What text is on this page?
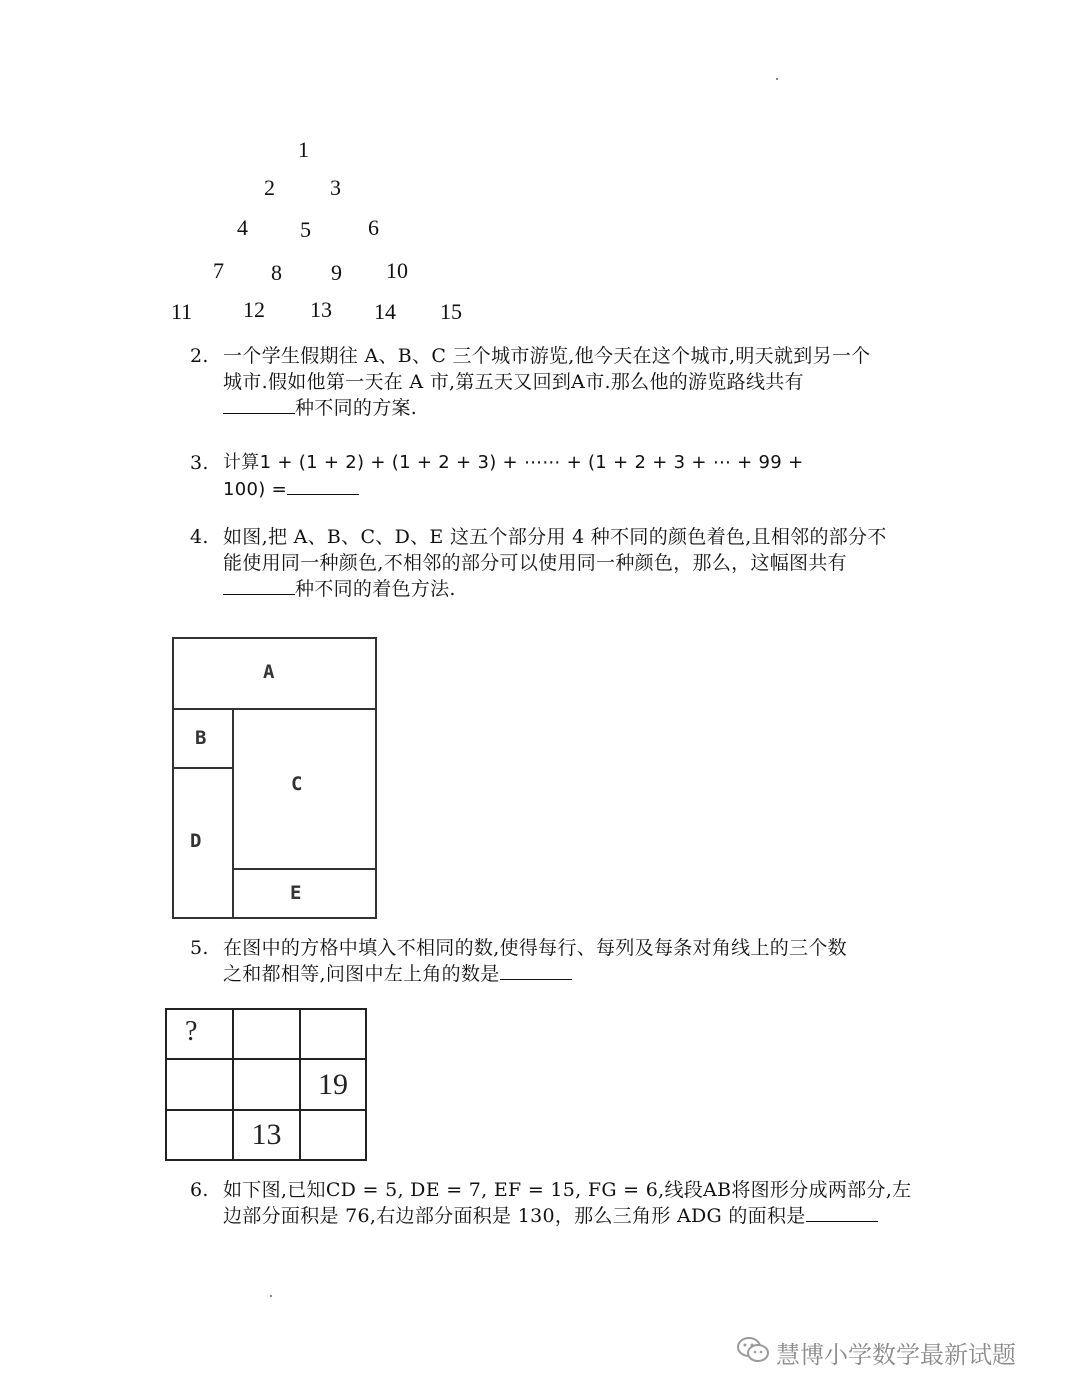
1
2	3
4 5	6
7 8 9 10
11 12 13 14 15
2. 一个学生假期往 A、B、C 三个城市游览,他今天在这个城市,明天就到另一个
城市.假如他第一天在 A 市,第五天又回到A市.那么他的游览路线共有
种不同的方案.
3. 计算1 + (1 + 2) + (1 + 2 + 3) + ⋯⋯ + (1 + 2 + 3 + ⋯ + 99 +
100) =
4. 如图,把 A、B、C、D、E 这五个部分用 4 种不同的颜色着色,且相邻的部分不
能使用同一种颜色,不相邻的部分可以使用同一种颜色，那么，这幅图共有
种不同的着色方法.
A
B
C
D
E
5. 在图中的方格中填入不相同的数,使得每行、每列及每条对角线上的三个数
之和都相等,问图中左上角的数是
?
19
13
6. 如下图,已知CD = 5, DE = 7, EF = 15, FG = 6,线段AB将图形分成两部分,左
边部分面积是 76,右边部分面积是 130，那么三角形 ADG 的面积是
慧博小学数学最新试题
